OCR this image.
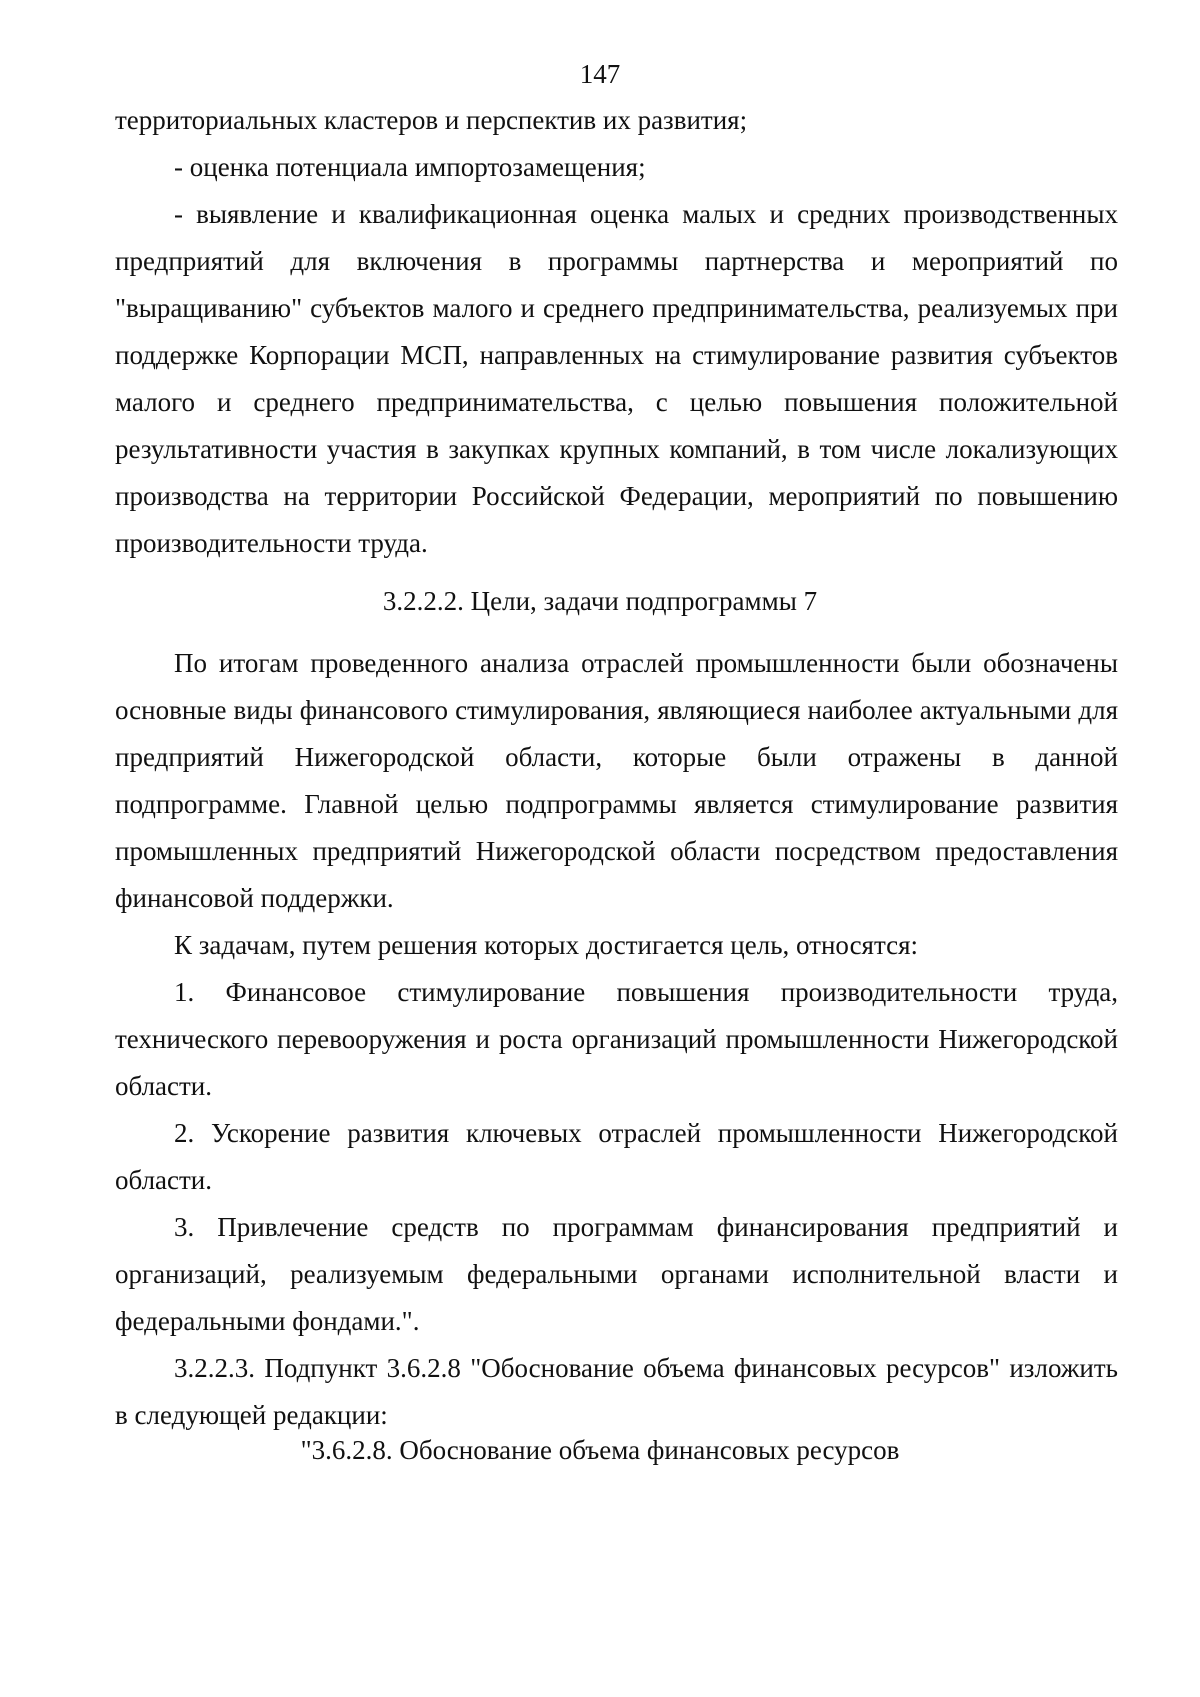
147

территориальных кластеров и перспектив их развития;

- оценка потенциала импортозамещения;

- выявление и квалификационная оценка малых и средних производственных предприятий для включения в программы партнерства и мероприятий по "выращиванию" субъектов малого и среднего предпринимательства, реализуемых при поддержке Корпорации МСП, направленных на стимулирование развития субъектов малого и среднего предпринимательства, с целью повышения положительной результативности участия в закупках крупных компаний, в том числе локализующих производства на территории Российской Федерации, мероприятий по повышению производительности труда.

3.2.2.2. Цели, задачи подпрограммы 7

По итогам проведенного анализа отраслей промышленности были обозначены основные виды финансового стимулирования, являющиеся наиболее актуальными для предприятий Нижегородской области, которые были отражены в данной подпрограмме. Главной целью подпрограммы является стимулирование развития промышленных предприятий Нижегородской области посредством предоставления финансовой поддержки.

К задачам, путем решения которых достигается цель, относятся:

1. Финансовое стимулирование повышения производительности труда, технического перевооружения и роста организаций промышленности Нижегородской области.

2. Ускорение развития ключевых отраслей промышленности Нижегородской области.

3. Привлечение средств по программам финансирования предприятий и организаций, реализуемым федеральными органами исполнительной власти и федеральными фондами.".

3.2.2.3. Подпункт 3.6.2.8 "Обоснование объема финансовых ресурсов" изложить в следующей редакции:

"3.6.2.8. Обоснование объема финансовых ресурсов
